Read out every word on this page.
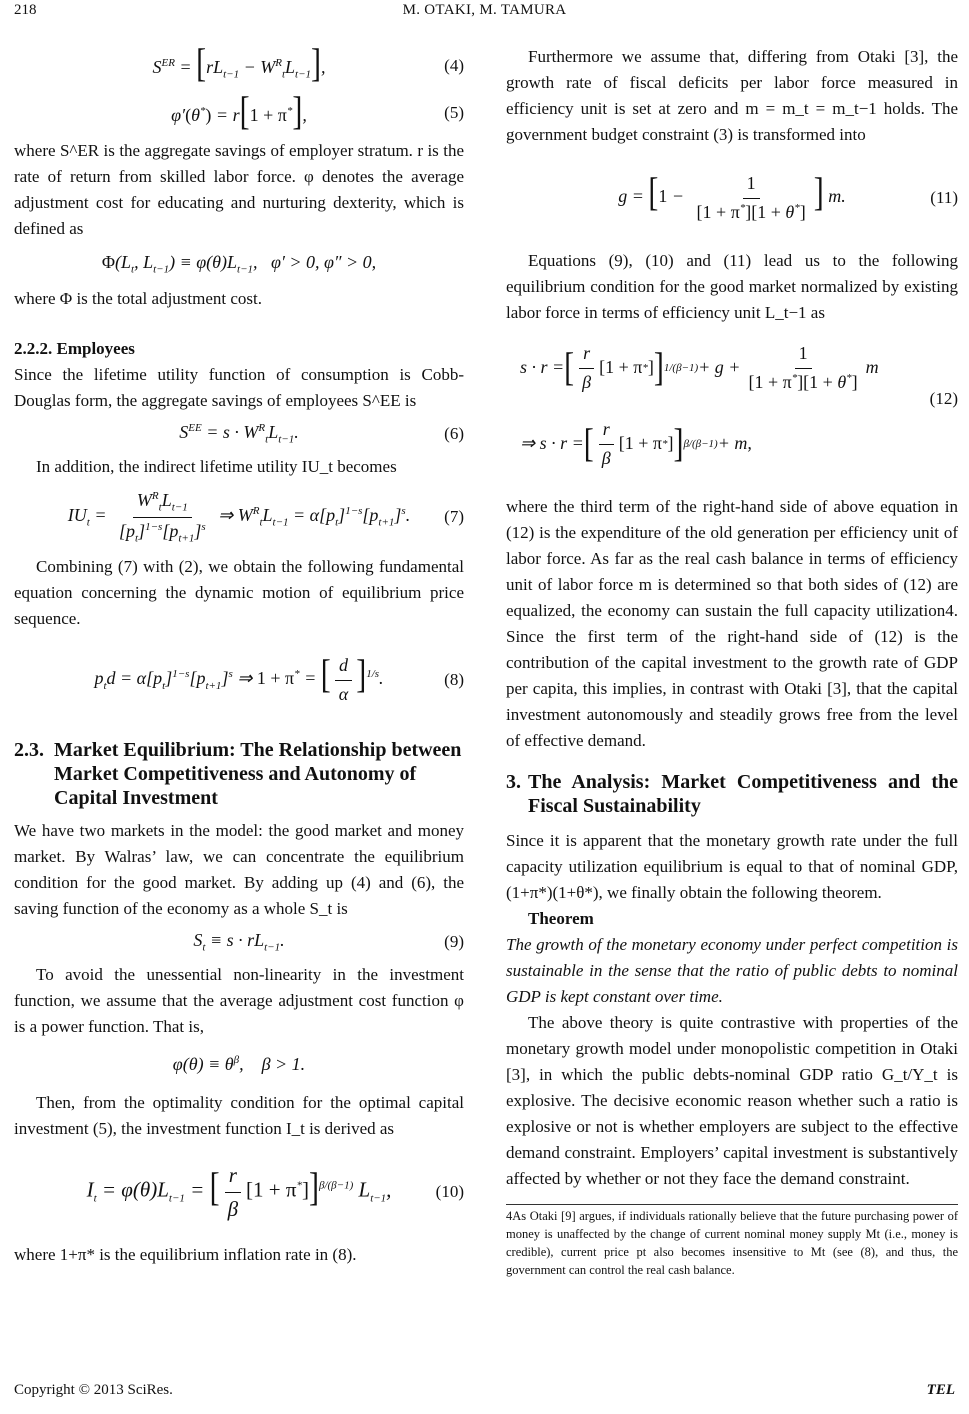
218	M. OTAKI, M. TAMURA
$S^{ER} = [rL_{t-1} - W^R_tL_{t-1}]$,	(4)
φ′(θ*) = r[1 + π*],	(5)

where S^ER is the aggregate savings of employer stratum. r is the rate of return from skilled labor force. φ denotes the average adjustment cost for educating and nurturing dexterity, which is defined as

$\Phi(L_t$, $L_{t-1}) \equiv \varphi(\theta)L_{t-1}$,   φ′ > 0, φ″ > 0,

where Φ is the total adjustment cost.

2.2.2. Employees

Since the lifetime utility function of consumption is Cobb-Douglas form, the aggregate savings of employees S^EE is

$S^{EE} = s \cdot W^R_tL_{t-1}$.	(6)

In addition, the indirect lifetime utility IU_t becomes

$IU_t = \frac{W^R_tL_{t-1}}{[p_t]^{1-s}[p_{t+1}]^s}$ ⇒ $W^R_tL_{t-1} = \alpha[p_t]^{1-s}[p_{t+1}]^s$. (7)

Combining (7) with (2), we obtain the following fundamental equation concerning the dynamic motion of equilibrium price sequence.

$p_td = \alpha[p_t]^{1-s}[p_{t+1}]^s$ ⇒ 1 + π* = [ $\frac{d}{\alpha} ]^{1/s}$.	(8)
2.3. Market Equilibrium: The Relationship between Market Competitiveness and Autonomy of Capital Investment

We have two markets in the model: the good market and money market. By Walras’ law, we can concentrate the equilibrium condition for the good market. By adding up (4) and (6), the saving function of the economy as a whole S_t is

$S_t \equiv s \cdot rL_{t-1}$.	(9)

To avoid the unessential non-linearity in the investment function, we assume that the average adjustment cost function φ is a power function. That is,

$\varphi(\theta) \equiv \theta^\beta$,    β > 1.

Then, from the optimality condition for the optimal capital investment (5), the investment function I_t is derived as

$I_t = \varphi(\theta)L_{t-1}$ = [ $\frac{r}{\beta} [1 + \pi^*]]^{\beta/(\beta-1)}$ $L_{t-1}$,	(10)

where 1+π* is the equilibrium inflation rate in (8).

Furthermore we assume that, differing from Otaki [3], the growth rate of fiscal deficits per labor force measured in efficiency unit is set at zero and m = m_t = m_t−1 holds. The government budget constraint (3) is transformed into

$g = [1 - \frac{1}{[1 + \pi^*][1 + \theta^*]}$ ] m.	(11)

Equations (9), (10) and (11) lead us to the following equilibrium condition for the good market normalized by existing labor force in terms of efficiency unit L_t−1 as

s · r = [ $\frac{r}{\beta} [1 + \pi$ * ] ] $1/(\beta-1) + g + \frac{1}{[1 + \pi^*][1 + \theta^*]}$ m
⇒ s · r = [ $\frac{r}{\beta} [1 + \pi$ * ] ] β/(β−1) + m,
(12)

where the third term of the right-hand side of above equation in (12) is the expenditure of the old generation per efficiency unit of labor force. As far as the real cash balance in terms of efficiency unit of labor force m is determined so that both sides of (12) are equalized, the economy can sustain the full capacity utilization4. Since the first term of the right-hand side of (12) is the contribution of the capital investment to the growth rate of GDP per capita, this implies, in contrast with Otaki [3], that the capital investment autonomously and steadily grows free from the level of effective demand.

3. The Analysis: Market Competitiveness and the Fiscal Sustainability

Since it is apparent that the monetary growth rate under the full capacity utilization equilibrium is equal to that of nominal GDP, (1+π*)(1+θ*), we finally obtain the following theorem.

Theorem

The growth of the monetary economy under perfect competition is sustainable in the sense that the ratio of public debts to nominal GDP is kept constant over time.

The above theory is quite contrastive with properties of the monetary growth model under monopolistic competition in Otaki [3], in which the public debts-nominal GDP ratio G_t/Y_t is explosive. The decisive economic reason whether such a ratio is explosive or not is whether employers are subject to the effective demand constraint. Employers’ capital investment is substantively affected by whether or not they face the demand constraint.

4As Otaki [9] argues, if individuals rationally believe that the future purchasing power of money is unaffected by the change of current nominal money supply Mt (i.e., money is credible), current price pt also becomes insensitive to Mt (see (8), and thus, the government can control the real cash balance.

Copyright © 2013 SciRes.	TEL
